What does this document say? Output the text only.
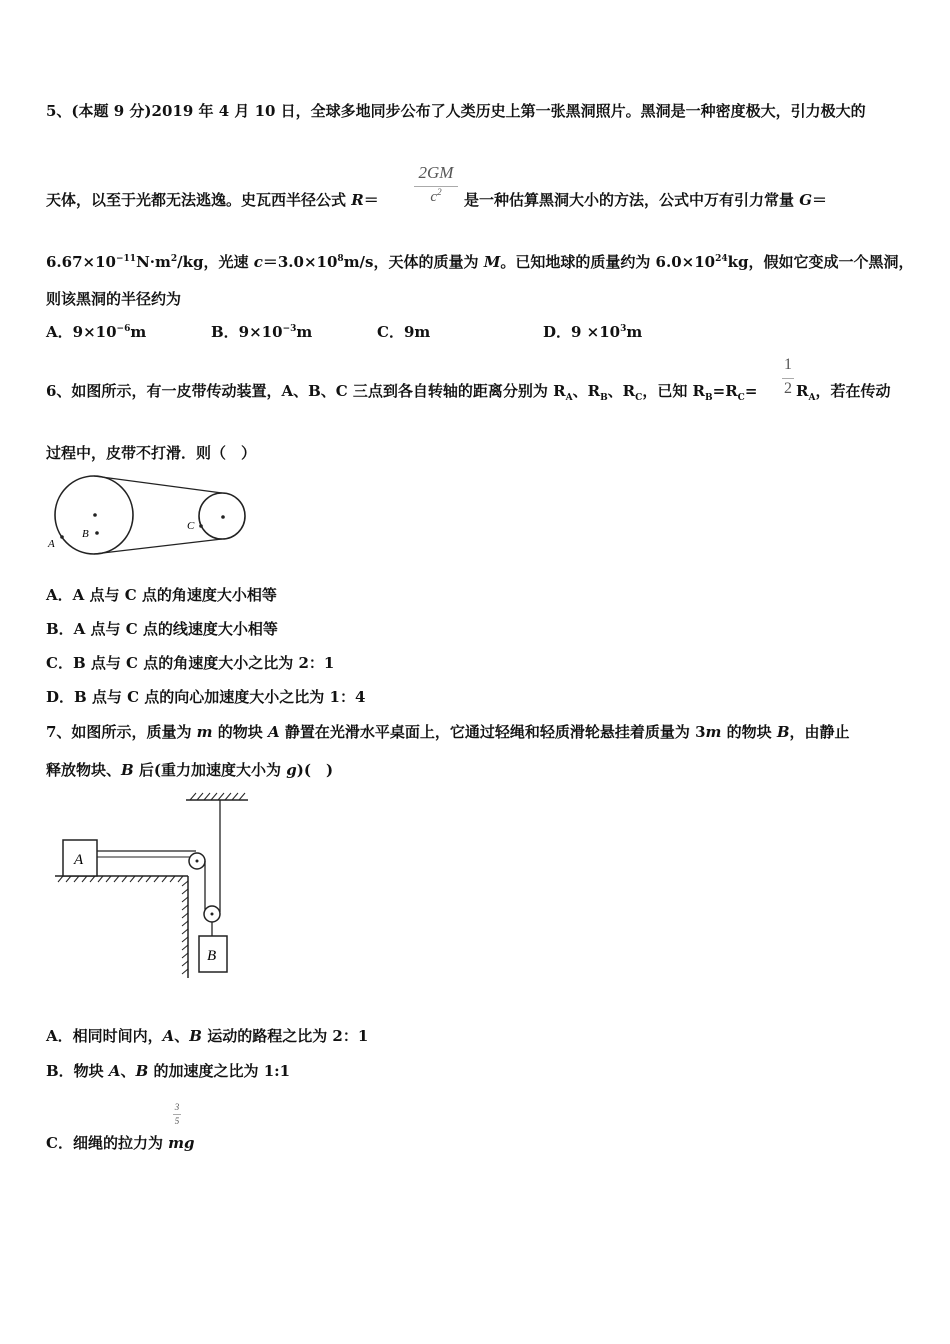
5、(本题 9 分)2019 年 4 月 10 日，全球多地同步公布了人类历史上第一张黑洞照片。黑洞是一种密度极大，引力极大的
2GM
$c^2$
天体，以至于光都无法逃逸。史瓦西半径公式 R＝	是一种估算黑洞大小的方法，公式中万有引力常量 G＝
$6.67\times 10^{-11}N\cdot m^2/kg$，光速 $c=3.0\times 10^8m/s$，天体的质量为 M。已知地球的质量约为 $6.0\times 10^{24}kg$，假如它变成一个黑洞，
则该黑洞的半径约为
A．$9\times 10^{-6}m$	B．$9\times 10^{-3}m$	C．9m	D．$9 \times 10^3m$
1
2
6、如图所示，有一皮带传动装置，A、B、C 三点到各自转轴的距离分别为 $R_A$、$R_B$、$R_C$，已知 $R_B=R_C=$	$R_A$，若在传动
过程中，皮带不打滑．则（　）
A
B
C
A．A 点与 C 点的角速度大小相等
B．A 点与 C 点的线速度大小相等
C．B 点与 C 点的角速度大小之比为 2：1
D．B 点与 C 点的向心加速度大小之比为 1：4
7、如图所示，质量为 m 的物块 A 静置在光滑水平桌面上，它通过轻绳和轻质滑轮悬挂着质量为 3m 的物块 B，由静止
释放物块、B 后(重力加速度大小为 g)(　)
A
B
A．相同时间内，A、B 运动的路程之比为 2：1
B．物块 A、B 的加速度之比为 1:1
3
5
C．细绳的拉力为 mg
